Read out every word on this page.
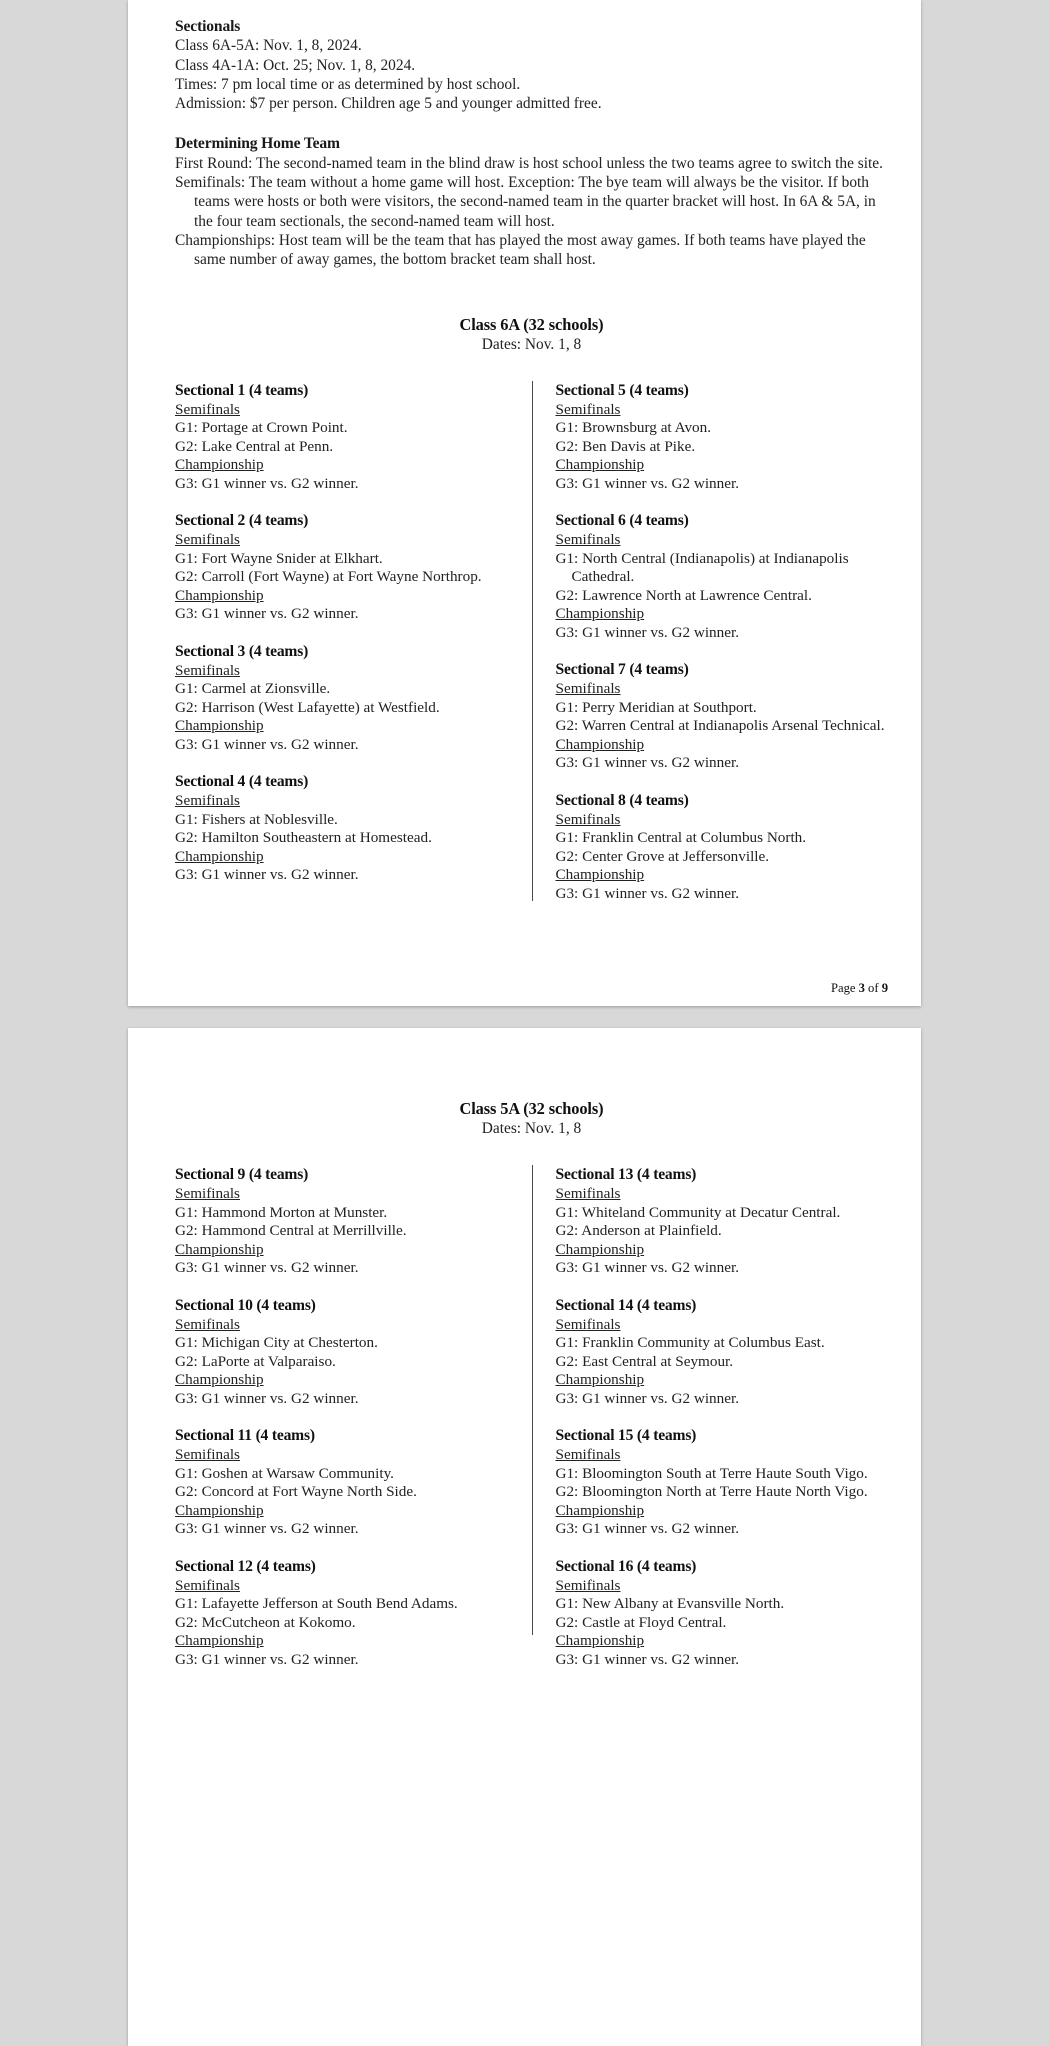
Sectionals
Class 6A-5A: Nov. 1, 8, 2024.
Class 4A-1A: Oct. 25; Nov. 1, 8, 2024.
Times: 7 pm local time or as determined by host school.
Admission: $7 per person. Children age 5 and younger admitted free.
Determining Home Team
First Round: The second-named team in the blind draw is host school unless the two teams agree to switch the site.
Semifinals: The team without a home game will host. Exception: The bye team will always be the visitor. If both teams were hosts or both were visitors, the second-named team in the quarter bracket will host. In 6A & 5A, in the four team sectionals, the second-named team will host.
Championships: Host team will be the team that has played the most away games. If both teams have played the same number of away games, the bottom bracket team shall host.
Class 6A (32 schools)
Dates: Nov. 1, 8
Sectional 1 (4 teams)
Semifinals
G1: Portage at Crown Point.
G2: Lake Central at Penn.
Championship
G3: G1 winner vs. G2 winner.
Sectional 2 (4 teams)
Semifinals
G1: Fort Wayne Snider at Elkhart.
G2: Carroll (Fort Wayne) at Fort Wayne Northrop.
Championship
G3: G1 winner vs. G2 winner.
Sectional 3 (4 teams)
Semifinals
G1: Carmel at Zionsville.
G2: Harrison (West Lafayette) at Westfield.
Championship
G3: G1 winner vs. G2 winner.
Sectional 4 (4 teams)
Semifinals
G1: Fishers at Noblesville.
G2: Hamilton Southeastern at Homestead.
Championship
G3: G1 winner vs. G2 winner.
Sectional 5 (4 teams)
Semifinals
G1: Brownsburg at Avon.
G2: Ben Davis at Pike.
Championship
G3: G1 winner vs. G2 winner.
Sectional 6 (4 teams)
Semifinals
G1: North Central (Indianapolis) at Indianapolis Cathedral.
G2: Lawrence North at Lawrence Central.
Championship
G3: G1 winner vs. G2 winner.
Sectional 7 (4 teams)
Semifinals
G1: Perry Meridian at Southport.
G2: Warren Central at Indianapolis Arsenal Technical.
Championship
G3: G1 winner vs. G2 winner.
Sectional 8 (4 teams)
Semifinals
G1: Franklin Central at Columbus North.
G2: Center Grove at Jeffersonville.
Championship
G3: G1 winner vs. G2 winner.
Page 3 of 9
Class 5A (32 schools)
Dates: Nov. 1, 8
Sectional 9 (4 teams)
Semifinals
G1: Hammond Morton at Munster.
G2: Hammond Central at Merrillville.
Championship
G3: G1 winner vs. G2 winner.
Sectional 10 (4 teams)
Semifinals
G1: Michigan City at Chesterton.
G2: LaPorte at Valparaiso.
Championship
G3: G1 winner vs. G2 winner.
Sectional 11 (4 teams)
Semifinals
G1: Goshen at Warsaw Community.
G2: Concord at Fort Wayne North Side.
Championship
G3: G1 winner vs. G2 winner.
Sectional 12 (4 teams)
Semifinals
G1: Lafayette Jefferson at South Bend Adams.
G2: McCutcheon at Kokomo.
Championship
G3: G1 winner vs. G2 winner.
Sectional 13 (4 teams)
Semifinals
G1: Whiteland Community at Decatur Central.
G2: Anderson at Plainfield.
Championship
G3: G1 winner vs. G2 winner.
Sectional 14 (4 teams)
Semifinals
G1: Franklin Community at Columbus East.
G2: East Central at Seymour.
Championship
G3: G1 winner vs. G2 winner.
Sectional 15 (4 teams)
Semifinals
G1: Bloomington South at Terre Haute South Vigo.
G2: Bloomington North at Terre Haute North Vigo.
Championship
G3: G1 winner vs. G2 winner.
Sectional 16 (4 teams)
Semifinals
G1: New Albany at Evansville North.
G2: Castle at Floyd Central.
Championship
G3: G1 winner vs. G2 winner.
